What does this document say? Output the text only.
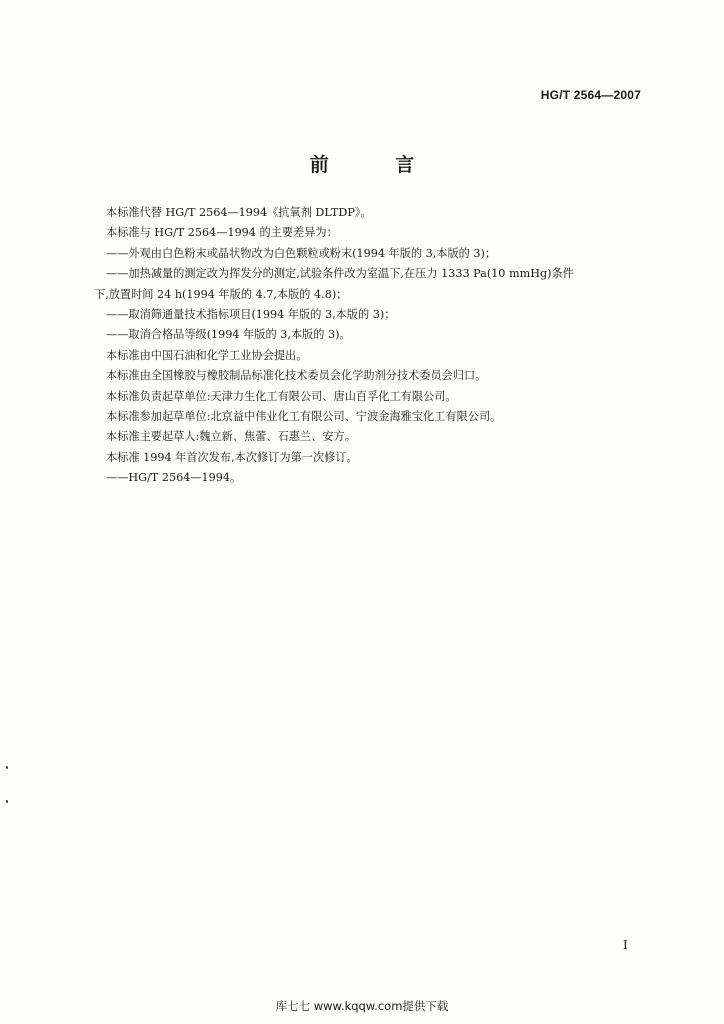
HG/T 2564—2007
前 言
本标准代替 HG/T 2564—1994《抗氧剂 DLTDP》。
本标准与 HG/T 2564—1994 的主要差异为：
——外观由白色粉末或晶状物改为白色颗粒或粉末(1994 年版的 3,本版的 3)；
——加热减量的测定改为挥发分的测定,试验条件改为室温下,在压力 1333 Pa(10 mmHg)条件
下,放置时间 24 h(1994 年版的 4.7,本版的 4.8)；
——取消筛通量技术指标项目(1994 年版的 3,本版的 3)；
——取消合格品等级(1994 年版的 3,本版的 3)。
本标准由中国石油和化学工业协会提出。
本标准由全国橡胶与橡胶制品标准化技术委员会化学助剂分技术委员会归口。
本标准负责起草单位:天津力生化工有限公司、唐山百孚化工有限公司。
本标准参加起草单位:北京益中伟业化工有限公司、宁波金海雅宝化工有限公司。
本标准主要起草人:魏立新、焦蕾、石惠兰、安方。
本标准 1994 年首次发布,本次修订为第一次修订。
——HG/T 2564—1994。
I
库七七 www.kqqw.com提供下载
